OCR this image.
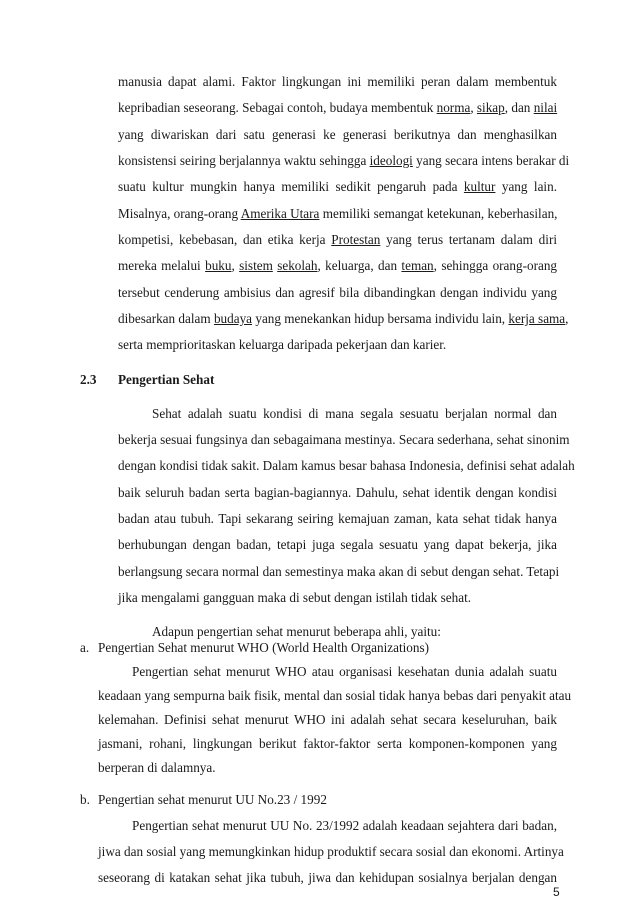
manusia dapat alami. Faktor lingkungan ini memiliki peran dalam membentuk
kepribadian seseorang. Sebagai contoh, budaya membentuk norma, sikap, dan nilai
yang diwariskan dari satu generasi ke generasi berikutnya dan menghasilkan
konsistensi seiring berjalannya waktu sehingga ideologi yang secara intens berakar di
suatu kultur mungkin hanya memiliki sedikit pengaruh pada kultur yang lain.
Misalnya, orang-orang Amerika Utara memiliki semangat ketekunan, keberhasilan,
kompetisi, kebebasan, dan etika kerja Protestan yang terus tertanam dalam diri
mereka melalui buku, sistem sekolah, keluarga, dan teman, sehingga orang-orang
tersebut cenderung ambisius dan agresif bila dibandingkan dengan individu yang
dibesarkan dalam budaya yang menekankan hidup bersama individu lain, kerja sama,
serta memprioritaskan keluarga daripada pekerjaan dan karier.
2.3 Pengertian Sehat
Sehat adalah suatu kondisi di mana segala sesuatu berjalan normal dan
bekerja sesuai fungsinya dan sebagaimana mestinya. Secara sederhana, sehat sinonim
dengan kondisi tidak sakit. Dalam kamus besar bahasa Indonesia, definisi sehat adalah
baik seluruh badan serta bagian-bagiannya. Dahulu, sehat identik dengan kondisi
badan atau tubuh. Tapi sekarang seiring kemajuan zaman, kata sehat tidak hanya
berhubungan dengan badan, tetapi juga segala sesuatu yang dapat bekerja, jika
berlangsung secara normal dan semestinya maka akan di sebut dengan sehat. Tetapi
jika mengalami gangguan maka di sebut dengan istilah tidak sehat.
Adapun pengertian sehat menurut beberapa ahli, yaitu:
a. Pengertian Sehat menurut WHO (World Health Organizations)
Pengertian sehat menurut WHO atau organisasi kesehatan dunia adalah suatu
keadaan yang sempurna baik fisik, mental dan sosial tidak hanya bebas dari penyakit atau
kelemahan. Definisi sehat menurut WHO ini adalah sehat secara keseluruhan, baik
jasmani, rohani, lingkungan berikut faktor-faktor serta komponen-komponen yang
berperan di dalamnya.
b. Pengertian sehat menurut UU No.23 / 1992
Pengertian sehat menurut UU No. 23/1992 adalah keadaan sejahtera dari badan,
jiwa dan sosial yang memungkinkan hidup produktif secara sosial dan ekonomi. Artinya
seseorang di katakan sehat jika tubuh, jiwa dan kehidupan sosialnya berjalan dengan
5
